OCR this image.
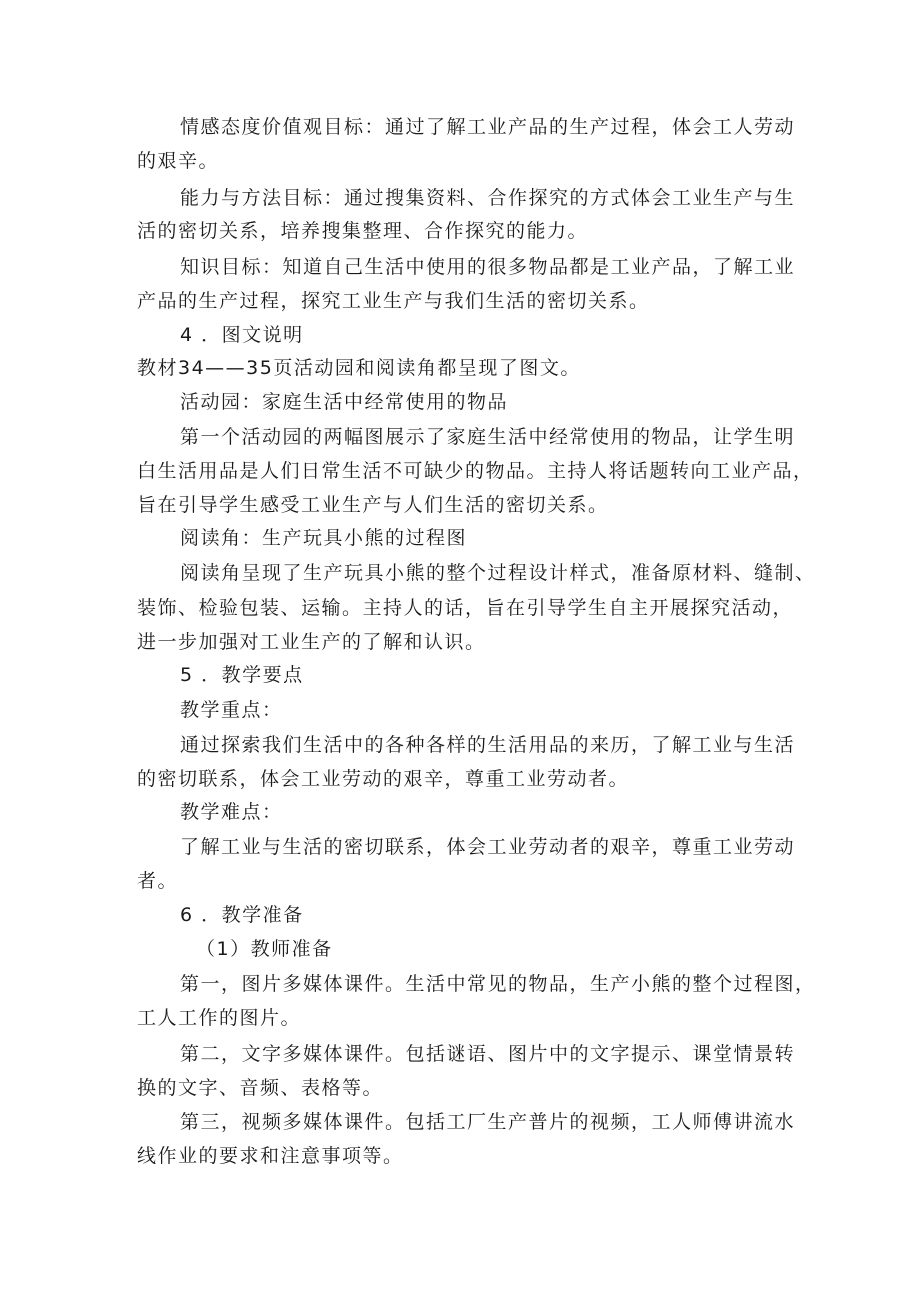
情感态度价值观目标：通过了解工业产品的生产过程，体会工人劳动
的艰辛。
能力与方法目标：通过搜集资料、合作探究的方式体会工业生产与生
活的密切关系，培养搜集整理、合作探究的能力。
知识目标：知道自己生活中使用的很多物品都是工业产品，了解工业
产品的生产过程，探究工业生产与我们生活的密切关系。
4 ．图文说明
教材34——35页活动园和阅读角都呈现了图文。
活动园：家庭生活中经常使用的物品
第一个活动园的两幅图展示了家庭生活中经常使用的物品，让学生明
白生活用品是人们日常生活不可缺少的物品。主持人将话题转向工业产品，
旨在引导学生感受工业生产与人们生活的密切关系。
阅读角：生产玩具小熊的过程图
阅读角呈现了生产玩具小熊的整个过程设计样式，准备原材料、缝制、
装饰、检验包装、运输。主持人的话，旨在引导学生自主开展探究活动，
进一步加强对工业生产的了解和认识。
5 ．教学要点
教学重点：
通过探索我们生活中的各种各样的生活用品的来历，了解工业与生活
的密切联系，体会工业劳动的艰辛，尊重工业劳动者。
教学难点：
了解工业与生活的密切联系，体会工业劳动者的艰辛，尊重工业劳动
者。
6 ．教学准备
（1）教师准备
第一，图片多媒体课件。生活中常见的物品，生产小熊的整个过程图，
工人工作的图片。
第二，文字多媒体课件。包括谜语、图片中的文字提示、课堂情景转
换的文字、音频、表格等。
第三，视频多媒体课件。包括工厂生产普片的视频，工人师傅讲流水
线作业的要求和注意事项等。
